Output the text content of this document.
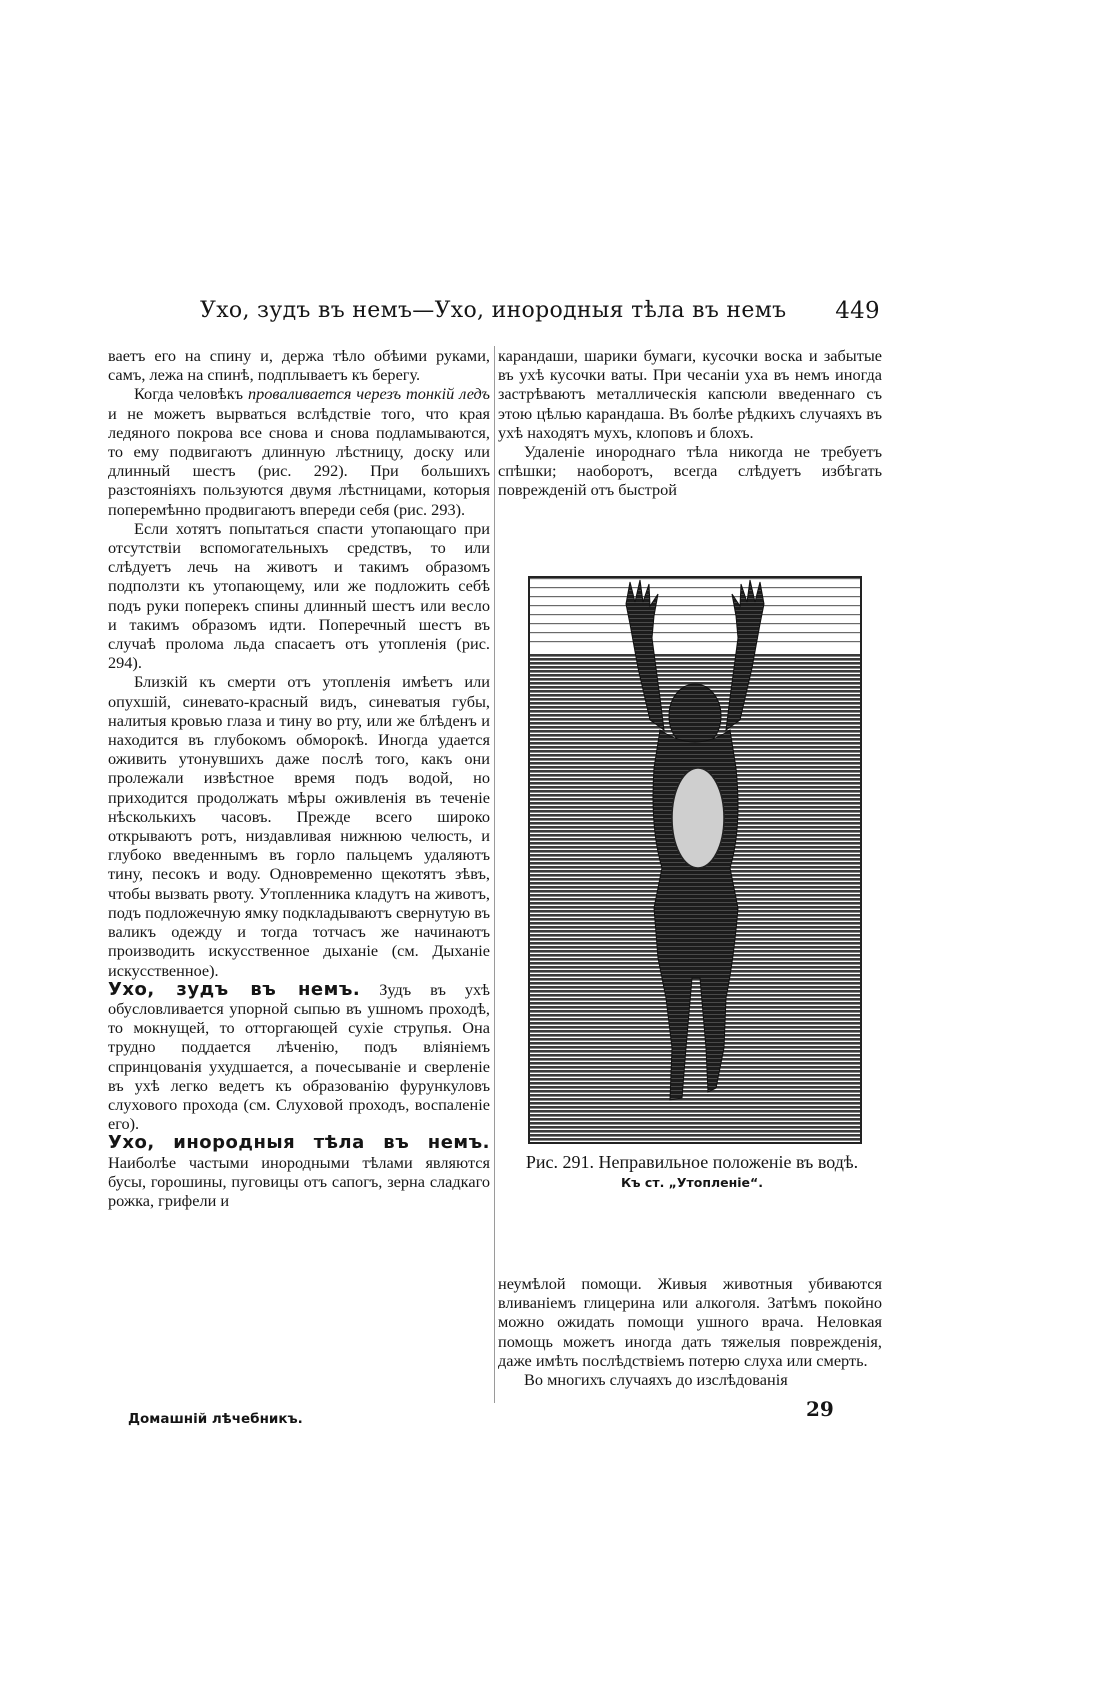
Ухо, зудъ въ немъ—Ухо, инородныя тѣла въ немъ 449

ваетъ его на спину и, держа тѣло обѣими руками, самъ, лежа на спинѣ, подплываетъ къ берегу.

Когда человѣкъ проваливается черезъ тонкій ледъ и не можетъ вырваться вслѣдствіе того, что края ледяного покрова все снова и снова подламываются, то ему подвигаютъ длинную лѣстницу, доску или длинный шестъ (рис. 292). При большихъ разстояніяхъ пользуются двумя лѣстницами, которыя поперемѣнно продвигаютъ впереди себя (рис. 293).

Если хотятъ попытаться спасти утопающаго при отсутствіи вспомогательныхъ средствъ, то или слѣдуетъ лечь на животъ и такимъ образомъ подползти къ утопающему, или же подложить себѣ подъ руки поперекъ спины длинный шестъ или весло и такимъ образомъ идти. Поперечный шестъ въ случаѣ пролома льда спасаетъ отъ утопленія (рис. 294).

Близкій къ смерти отъ утопленія имѣетъ или опухшій, синевато-красный видъ, синеватыя губы, налитыя кровью глаза и тину во рту, или же блѣденъ и находится въ глубокомъ обморокѣ. Иногда удается оживить утонувшихъ даже послѣ того, какъ они пролежали извѣстное время подъ водой, но приходится продолжать мѣры оживленія въ теченіе нѣсколькихъ часовъ. Прежде всего широко открываютъ ротъ, низдавливая нижнюю челюсть, и глубоко введеннымъ въ горло пальцемъ удаляютъ тину, песокъ и воду. Одновременно щекотятъ зѣвъ, чтобы вызвать рвоту. Утопленника кладутъ на животъ, подъ подложечную ямку подкладываютъ свернутую въ валикъ одежду и тогда тотчасъ же начинаютъ производить искусственное дыханіе (см. Дыханіе искусственное).

Ухо, зудъ въ немъ. Зудъ въ ухѣ обусловливается упорной сыпью въ ушномъ проходѣ, то мокнущей, то отторгающей сухіе струпья. Она трудно поддается лѣченію, подъ вліяніемъ спринцованія ухудшается, а почесываніе и сверленіе въ ухѣ легко ведетъ къ образованію фурункуловъ слухового прохода (см. Слуховой проходъ, воспаленіе его).

Ухо, инородныя тѣла въ немъ. Наиболѣе частыми инородными тѣлами являются бусы, горошины, пуговицы отъ сапогъ, зерна сладкаго рожка, грифели и

карандаши, шарики бумаги, кусочки воска и забытые въ ухѣ кусочки ваты. При чесаніи уха въ немъ иногда застрѣваютъ металлическія капсюли введеннаго съ этою цѣлью карандаша. Въ болѣе рѣдкихъ случаяхъ въ ухѣ находятъ мухъ, клоповъ и блохъ.

Удаленіе инороднаго тѣла никогда не требуетъ спѣшки; наоборотъ, всегда слѣдуетъ избѣгать поврежденій отъ быстрой

Рис. 291. Неправильное положеніе въ водѣ.
Къ ст. „Утопленіе“.

неумѣлой помощи. Живыя животныя убиваются вливаніемъ глицерина или алкоголя. Затѣмъ покойно можно ожидать помощи ушного врача. Неловкая помощь можетъ иногда дать тяжелыя поврежденія, даже имѣть послѣдствіемъ потерю слуха или смерть.

Во многихъ случаяхъ до изслѣдованія

Домашній лѣчебникъ.	29
